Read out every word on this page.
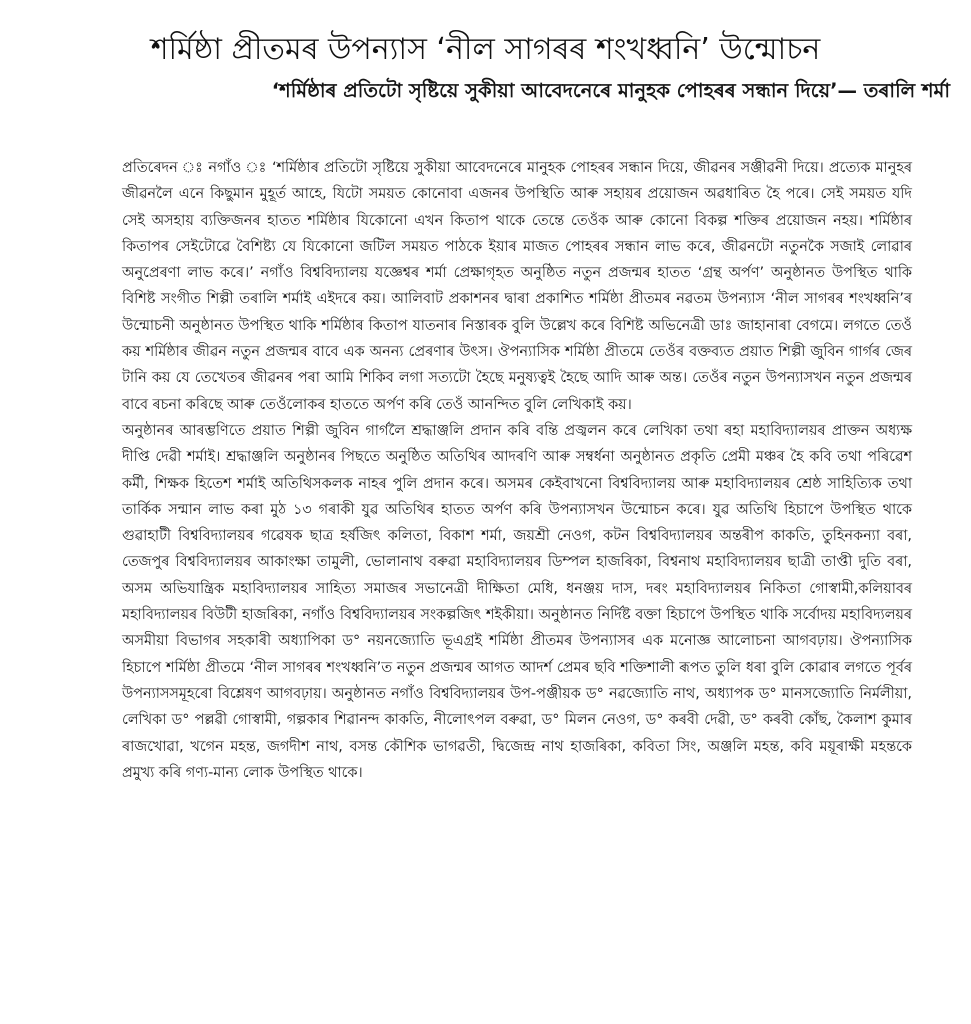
শৰ্মিষ্ঠা প্ৰীতমৰ উপন্যাস ‘নীল সাগৰৰ শংখধ্বনি’ উন্মোচন
‘শৰ্মিষ্ঠাৰ প্ৰতিটো সৃষ্টিয়ে সুকীয়া আবেদনেৰে মানুহক পোহৰৰ সন্ধান দিয়ে’— তৰালি শৰ্মা

প্ৰতিৰেদন ঃ নগাঁও ঃ ‘শৰ্মিষ্ঠাৰ প্ৰতিটো সৃষ্টিয়ে সুকীয়া আবেদনেৰে মানুহক পোহৰৰ সন্ধান দিয়ে, জীৱনৰ সঞ্জীৱনী দিয়ে। প্ৰত্যেক মানুহৰ জীৱনলৈ এনে কিছুমান মুহূৰ্ত আহে, যিটো সময়ত কোনোবা এজনৰ উপস্থিতি আৰু সহায়ৰ প্ৰয়োজন অৱধাৰিত হৈ পৰে। সেই সময়ত যদি সেই অসহায় ব্যক্তিজনৰ হাতত শৰ্মিষ্ঠাৰ যিকোনো এখন কিতাপ থাকে তেন্তে তেওঁক আৰু কোনো বিকল্প শক্তিৰ প্ৰয়োজন নহয়। শৰ্মিষ্ঠাৰ কিতাপৰ সেইটোৱে বৈশিষ্ট্য যে যিকোনো জটিল সময়ত পাঠকে ইয়াৰ মাজত পোহৰৰ সন্ধান লাভ কৰে, জীৱনটো নতুনকৈ সজাই লোৱাৰ অনুপ্ৰেৰণা লাভ কৰে।’ নগাঁও বিশ্ববিদ্যালয় যজ্ঞেশ্বৰ শৰ্মা প্ৰেক্ষাগৃহত অনুষ্ঠিত নতুন প্ৰজন্মৰ হাতত ‘গ্ৰন্থ অৰ্পণ’ অনুষ্ঠানত উপস্থিত থাকি বিশিষ্ট সংগীত শিল্পী তৰালি শৰ্মাই এইদৰে কয়। আলিবাট প্ৰকাশনৰ দ্বাৰা প্ৰকাশিত শৰ্মিষ্ঠা প্ৰীতমৰ নৱতম উপন্যাস ‘নীল সাগৰৰ শংখধ্বনি’ৰ উন্মোচনী অনুষ্ঠানত উপস্থিত থাকি শৰ্মিষ্ঠাৰ কিতাপ যাতনাৰ নিস্তাৰক বুলি উল্লেখ কৰে বিশিষ্ট অভিনেত্ৰী ডাঃ জাহানাৰা বেগমে। লগতে তেওঁ কয় শৰ্মিষ্ঠাৰ জীৱন নতুন প্ৰজন্মৰ বাবে এক অনন্য প্ৰেৰণাৰ উৎস। ঔপন্যাসিক শৰ্মিষ্ঠা প্ৰীতমে তেওঁৰ বক্তব্যত প্ৰয়াত শিল্পী জুবিন গাৰ্গৰ জেৰ টানি কয় যে তেখেতৰ জীৱনৰ পৰা আমি শিকিব লগা সত্যটো হৈছে মনুষ্যত্বই হৈছে আদি আৰু অন্ত। তেওঁৰ নতুন উপন্যাসখন নতুন প্ৰজন্মৰ বাবে ৰচনা কৰিছে আৰু তেওঁলোকৰ হাততে অৰ্পণ কৰি তেওঁ আনন্দিত বুলি লেখিকাই কয়।

অনুষ্ঠানৰ আৰম্ভণিতে প্ৰয়াত শিল্পী জুবিন গাৰ্গলৈ শ্ৰদ্ধাঞ্জলি প্ৰদান কৰি বন্তি প্ৰজ্বলন কৰে লেখিকা তথা ৰহা মহাবিদ্যালয়ৰ প্ৰাক্তন অধ্যক্ষ দীপ্তি দেৱী শৰ্মাই। শ্ৰদ্ধাঞ্জলি অনুষ্ঠানৰ পিছতে অনুষ্ঠিত অতিথিৰ আদৰণি আৰু সম্বৰ্ধনা অনুষ্ঠানত প্ৰকৃতি প্ৰেমী মঞ্চৰ হৈ কবি তথা পৰিৱেশ কৰ্মী, শিক্ষক হিতেশ শৰ্মাই অতিথিসকলক নাহৰ পুলি প্ৰদান কৰে। অসমৰ কেইবাখনো বিশ্ববিদ্যালয় আৰু মহাবিদ্যালয়ৰ শ্ৰেষ্ঠ সাহিত্যিক তথা তাৰ্কিক সন্মান লাভ কৰা মুঠ ১৩ গৰাকী যুৱ অতিথিৰ হাতত অৰ্পণ কৰি উপন্যাসখন উন্মোচন কৰে। যুৱ অতিথি হিচাপে উপস্থিত থাকে গুৱাহাটী বিশ্ববিদ্যালয়ৰ গৱেষক ছাত্ৰ হৰ্ষজিৎ কলিতা, বিকাশ শৰ্মা, জয়শ্ৰী নেওগ, কটন বিশ্ববিদ্যালয়ৰ অন্তৰীপ কাকতি, তুহিনকন্যা বৰা, তেজপুৰ বিশ্ববিদ্যালয়ৰ আকাংক্ষা তামুলী, ভোলানাথ বৰুৱা মহাবিদ্যালয়ৰ ডিম্পল হাজৰিকা, বিশ্বনাথ মহাবিদ্যালয়ৰ ছাত্ৰী তাপ্তী দুতি বৰা, অসম অভিযান্ত্ৰিক মহাবিদ্যালয়ৰ সাহিত্য সমাজৰ সভানেত্ৰী দীক্ষিতা মেধি, ধনঞ্জয় দাস, দৰং মহাবিদ্যালয়ৰ নিকিতা গোস্বামী,কলিয়াবৰ মহাবিদ্যালয়ৰ বিউটী হাজৰিকা, নগাঁও বিশ্ববিদ্যালয়ৰ সংকল্পজিৎ শইকীয়া। অনুষ্ঠানত নিৰ্দিষ্ট বক্তা হিচাপে উপস্থিত থাকি সৰ্বোদয় মহাবিদ্যলয়ৰ অসমীয়া বিভাগৰ সহকাৰী অধ্যাপিকা ড° নয়নজ্যোতি ভূএগ্ৰই শৰ্মিষ্ঠা প্ৰীতমৰ উপন্যাসৰ এক মনোজ্ঞ আলোচনা আগবঢ়ায়। ঔপন্যাসিক হিচাপে শৰ্মিষ্ঠা প্ৰীতমে ‘নীল সাগৰৰ শংখধ্বনি’ত নতুন প্ৰজন্মৰ আগত আদৰ্শ প্ৰেমৰ ছবি শক্তিশালী ৰূপত তুলি ধৰা বুলি কোৱাৰ লগতে পূৰ্বৰ উপন্যাসসমূহৰো বিশ্লেষণ আগবঢ়ায়। অনুষ্ঠানত নগাঁও বিশ্ববিদ্যালয়ৰ উপ-পঞ্জীয়ক ড° নৱজ্যোতি নাথ, অধ্যাপক ড° মানসজ্যোতি নিৰ্মলীয়া, লেখিকা ড° পল্লৱী গোস্বামী, গল্পকাৰ শিৱানন্দ কাকতি, নীলোৎপল বৰুৱা, ড° মিলন নেওগ, ড° কৰবী দেৱী, ড° কৰবী কোঁছ, কৈলাশ কুমাৰ ৰাজখোৱা, খগেন মহন্ত, জগদীশ নাথ, বসন্ত কৌশিক ভাগৱতী, দ্বিজেন্দ্ৰ নাথ হাজৰিকা, কবিতা সিং, অঞ্জলি মহন্ত, কবি ময়ূৰাক্ষী মহন্তকে প্ৰমুখ্য কৰি গণ্য-মান্য লোক উপস্থিত থাকে।
